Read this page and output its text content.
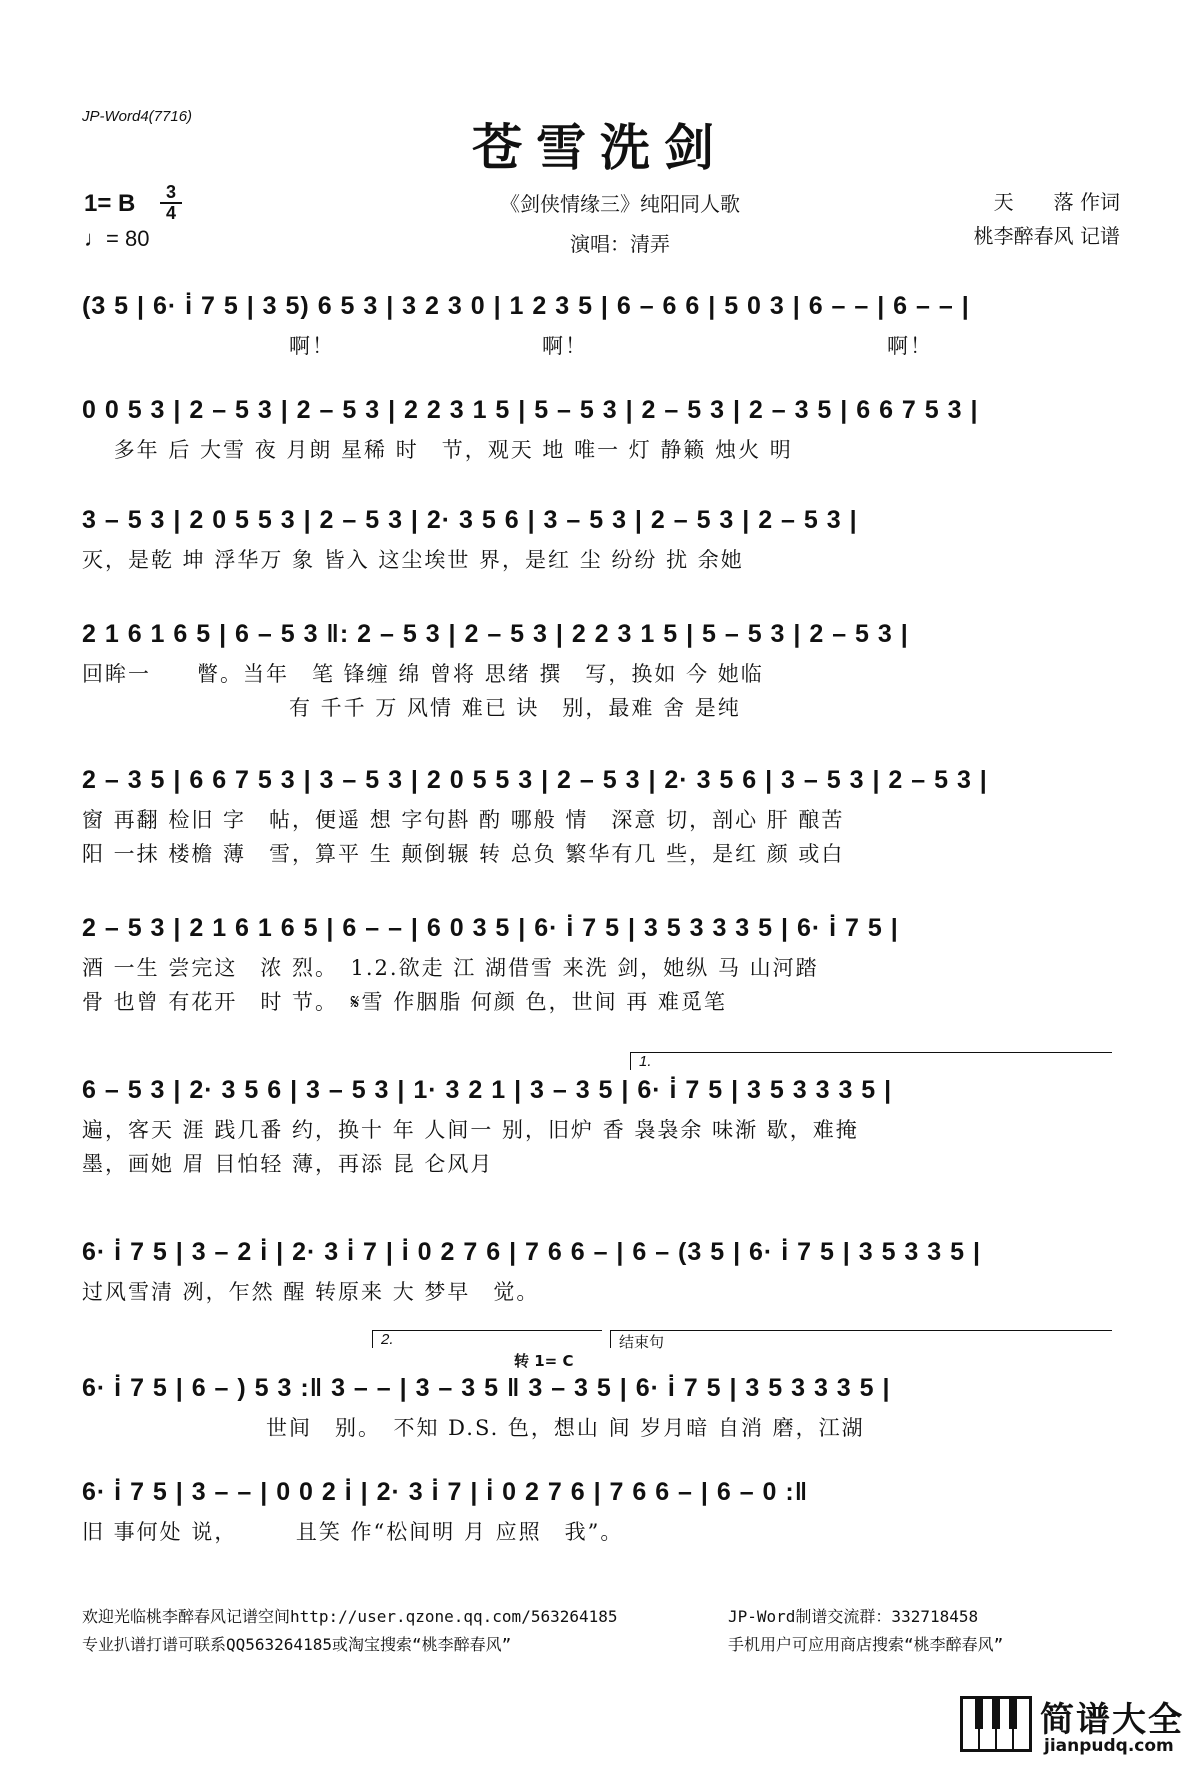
JP-Word4(7716)
苍雪洗剑
《剑侠情缘三》纯阳同人歌
演唱：清弄
1= B	3
4
♩= 80
天　　落 作词
桃李醉春风 记谱
(3 5 | 6· i̇ 7 5 | 3 5) 6 5 3 | 3 2 3 0 | 1 2 3 5 | 6 – 6 6 | 5 0 3 | 6 – – | 6 – – |
　　　　　　　　　啊！　　　　　　　　　啊！　　　　　　　　　　　　　啊！
0 0 5 3 | 2 – 5 3 | 2 – 5 3 | 2 2 3 1 5 | 5 – 5 3 | 2 – 5 3 | 2 – 3 5 | 6 6 7 5 3 |
　 多年 后 大雪 夜 月朗 星稀 时　节，观天 地 唯一 灯 静籁 烛火 明
3 – 5 3 | 2 0 5 5 3 | 2 – 5 3 | 2· 3 5 6 | 3 – 5 3 | 2 – 5 3 | 2 – 5 3 |
灭，是乾 坤 浮华万 象 皆入 这尘埃世 界，是红 尘 纷纷 扰 余她
2 1 6 1 6 5 | 6 – 5 3 ‖: 2 – 5 3 | 2 – 5 3 | 2 2 3 1 5 | 5 – 5 3 | 2 – 5 3 |
回眸一　　瞥。当年　笔 锋缠 绵 曾将 思绪 撰　写，换如 今 她临
　　　　　　　　　有 千千 万 风情 难已 诀　别，最难 舍 是纯
2 – 3 5 | 6 6 7 5 3 | 3 – 5 3 | 2 0 5 5 3 | 2 – 5 3 | 2· 3 5 6 | 3 – 5 3 | 2 – 5 3 |
窗 再翻 检旧 字　帖，便遥 想 字句斟 酌 哪般 情　深意 切，剖心 肝 酿苦
阳 一抹 楼檐 薄　雪，算平 生 颠倒辗 转 总负 繁华有几 些，是红 颜 或白
2 – 5 3 | 2 1 6 1 6 5 | 6 – – | 6 0 3 5 | 6· i̇ 7 5 | 3 5 3 3 3 5 | 6· i̇ 7 5 |
酒 一生 尝完这　浓 烈。　1.2.欲走 江 湖借雪 来洗 剑，她纵 马 山河踏
骨 也曾 有花开　时 节。　𝄋雪 作胭脂 何颜 色，世间 再 难觅笔
1.
6 – 5 3 | 2· 3 5 6 | 3 – 5 3 | 1· 3 2 1 | 3 – 3 5 | 6· i̇ 7 5 | 3 5 3 3 3 5 |
遍，客天 涯 践几番 约，换十 年 人间一 别，旧炉 香 袅袅余 味渐 歇，难掩
墨，画她 眉 目怕轻 薄，再添 昆 仑风月
6· i̇ 7 5 | 3 – 2 i̇ | 2· 3 i̇ 7 | i̇ 0 2 7 6 | 7 6 6 – | 6 – (3 5 | 6· i̇ 7 5 | 3 5 3 3 5 |
过风雪清 冽，乍然 醒 转原来 大 梦早　觉。
2.	结束句
转 1= C
6· i̇ 7 5 | 6 – ) 5 3 :‖ 3 – – | 3 – 3 5 ‖ 3 – 3 5 | 6· i̇ 7 5 | 3 5 3 3 3 5 |
　　　　　　　　世间　别。　不知 D.S. 色，想山 间 岁月暗 自消 磨，江湖
6· i̇ 7 5 | 3 – – | 0 0 2 i̇ | 2· 3 i̇ 7 | i̇ 0 2 7 6 | 7 6 6 – | 6 – 0 :‖
旧 事何处 说，　　　且笑 作“松间明 月 应照　我”。
欢迎光临桃李醉春风记谱空间http://user.qzone.qq.com/563264185	JP-Word制谱交流群：332718458
专业扒谱打谱可联系QQ563264185或淘宝搜索“桃李醉春风”	手机用户可应用商店搜索“桃李醉春风”
简谱大全
jianpudq.com
